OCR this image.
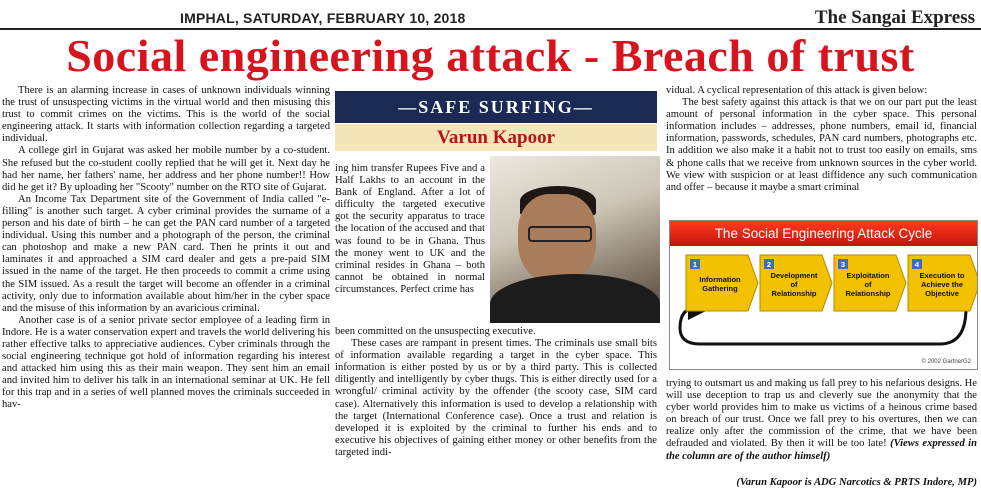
IMPHAL, SATURDAY, FEBRUARY 10, 2018	The Sangai Express
Social engineering attack - Breach of trust

There is an alarming increase in cases of unknown individuals winning the trust of unsuspecting victims in the virtual world and then misusing this trust to commit crimes on the victims. This is the world of the social engineering attack. It starts with information collection regarding a targeted individual.

A college girl in Gujarat was asked her mobile number by a co-student. She refused but the co-student coolly replied that he will get it. Next day he had her name, her fathers' name, her address and her phone number!! How did he get it? By uploading her "Scooty" number on the RTO site of Gujarat.

An Income Tax Department site of the Government of India called "e-filling" is another such target. A cyber criminal provides the surname of a person and his date of birth – he can get the PAN card number of a targeted individual. Using this number and a photograph of the person, the criminal can photoshop and make a new PAN card. Then he prints it out and laminates it and approached a SIM card dealer and gets a pre-paid SIM issued in the name of the target. He then proceeds to commit a crime using the SIM issued. As a result the target will become an offender in a criminal activity, only due to information available about him/her in the cyber space and the misuse of this information by an avaricious criminal.

Another case is of a senior private sector employee of a leading firm in Indore. He is a water conservation expert and travels the world delivering his rather effective talks to appreciative audiences. Cyber criminals through the social engineering technique got hold of information regarding his interest and attacked him using this as their main weapon. They sent him an email and invited him to deliver his talk in an international seminar at UK. He fell for this trap and in a series of well planned moves the criminals succeeded in hav-

—SAFE SURFING—
Varun Kapoor

ing him transfer Rupees Five and a Half Lakhs to an account in the Bank of England. After a lot of difficulty the targeted executive got the security apparatus to trace the location of the accused and that was found to be in Ghana. Thus the money went to UK and the criminal resides in Ghana – both cannot be obtained in normal circumstances. Perfect crime has

been committed on the unsuspecting executive.

These cases are rampant in present times. The criminals use small bits of information available regarding a target in the cyber space. This information is either posted by us or by a third party. This is collected diligently and intelligently by cyber thugs. This is either directly used for a wrongful/ criminal activity by the offender (the scooty case, SIM card case). Alternatively this information is used to develop a relationship with the target (International Conference case). Once a trust and relation is developed it is exploited by the criminal to further his ends and to executive his objectives of gaining either money or other benefits from the targeted indi-

vidual. A cyclical representation of this attack is given below:

The best safety against this attack is that we on our part put the least amount of personal information in the cyber space. This personal information includes – addresses, phone numbers, email id, financial information, passwords, schedules, PAN card numbers, photographs etc. In addition we also make it a habit not to trust too easily on emails, sms & phone calls that we receive from unknown sources in the cyber world. We view with suspicion or at least diffidence any such communication and offer – because it maybe a smart criminal

The Social Engineering Attack Cycle
1
Information
Gathering
2
Development
of
Relationship
3
Exploitation
of
Relationship
4
Execution to
Achieve the
Objective
© 2002 GartnerG2

trying to outsmart us and making us fall prey to his nefarious designs. He will use deception to trap us and cleverly sue the anonymity that the cyber world provides him to make us victims of a heinous crime based on breach of our trust. Once we fall prey to his overtures, then we can realize only after the commission of the crime, that we have been defrauded and violated. By then it will be too late! (Views expressed in the column are of the author himself)

(Varun Kapoor is ADG Narcotics & PRTS Indore, MP)
